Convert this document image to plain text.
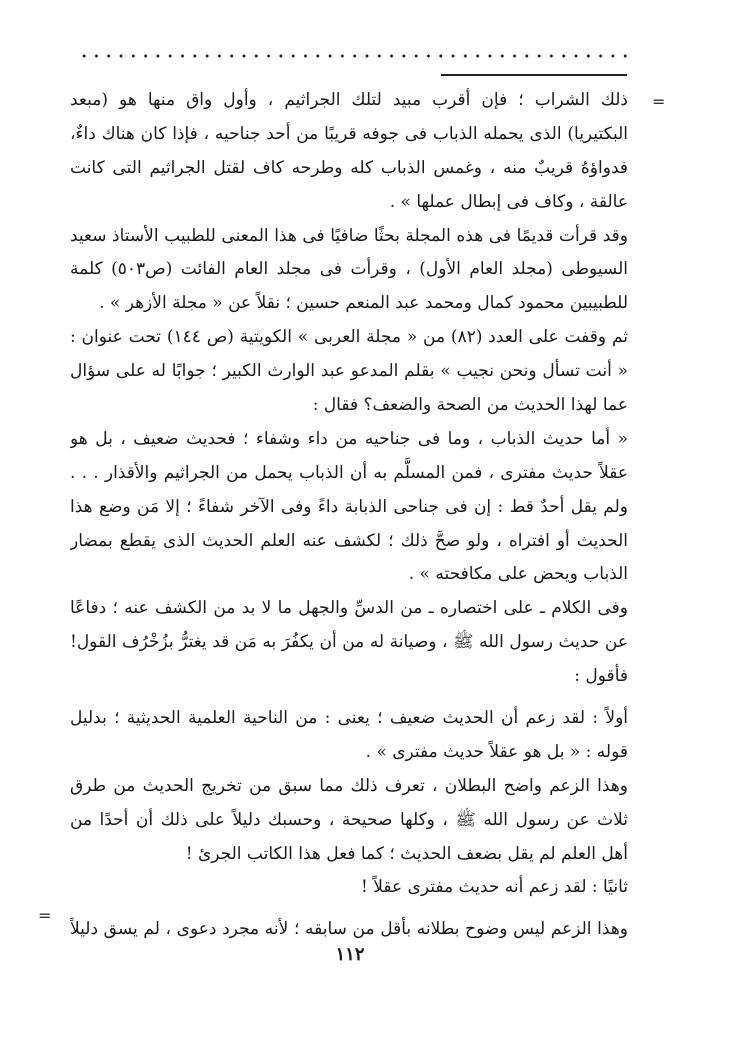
=
=
ذلك الشراب ؛ فإن أقرب مبيد لتلك الجراثيم ، وأول واق منها هو (مبعد
البكتيريا) الذى يحمله الذباب فى جوفه قريبًا من أحد جناحيه ، فإذا كان هناك داءٌ،
فدواؤهُ قريبٌ منه ، وغمس الذباب كله وطرحه كاف لقتل الجراثيم التى كانت
عالقة ، وكاف فى إبطال عملها » .
وقد قرأت قديمًا فى هذه المجلة بحثًا ضافيًا فى هذا المعنى للطبيب الأستاذ سعيد
السيوطى (مجلد العام الأول) ، وقرأت فى مجلد العام الفائت (ص٥٠٣) كلمة
للطبيبين محمود كمال ومحمد عبد المنعم حسين ؛ نقلاً عن « مجلة الأزهر » .
ثم وقفت على العدد (٨٢) من « مجلة العربى » الكويتية (ص ١٤٤) تحت عنوان :
« أنت تسأل ونحن نجيب » بقلم المدعو عبد الوارث الكبير ؛ جوابًا له على سؤال
عما لهذا الحديث من الصحة والضعف؟ فقال :
« أما حديث الذباب ، وما فى جناحيه من داء وشفاء ؛ فحديث ضعيف ، بل هو
عقلاً حديث مفترى ، فمن المسلَّم به أن الذباب يحمل من الجراثيم والأقذار . . .
ولم يقل أحدٌ قط : إن فى جناحى الذبابة داءً وفى الآخر شفاءً ؛ إلا مَن وضع هذا
الحديث أو افتراه ، ولو صحَّ ذلك ؛ لكشف عنه العلم الحديث الذى يقطع بمضار
الذباب ويحض على مكافحته » .
وفى الكلام ـ على اختصاره ـ من الدسِّ والجهل ما لا بد من الكشف عنه ؛ دفاعًا
عن حديث رسول الله ﷺ ، وصيانة له من أن يكفُرَ به مَن قد يغترُّ بزُخْرُف القول!
فأقول :
أولاً : لقد زعم أن الحديث ضعيف ؛ يعنى : من الناحية العلمية الحديثية ؛ بدليل
قوله : « بل هو عقلاً حديث مفترى » .
وهذا الزعم واضح البطلان ، تعرف ذلك مما سبق من تخريج الحديث من طرق
ثلاث عن رسول الله ﷺ ، وكلها صحيحة ، وحسبك دليلاً على ذلك أن أحدًا من
أهل العلم لم يقل بضعف الحديث ؛ كما فعل هذا الكاتب الجرئ !
ثانيًا : لقد زعم أنه حديث مفترى عقلاً !
وهذا الزعم ليس وضوح بطلانه بأقل من سابقه ؛ لأنه مجرد دعوى ، لم يسق دليلاً
١١٢
